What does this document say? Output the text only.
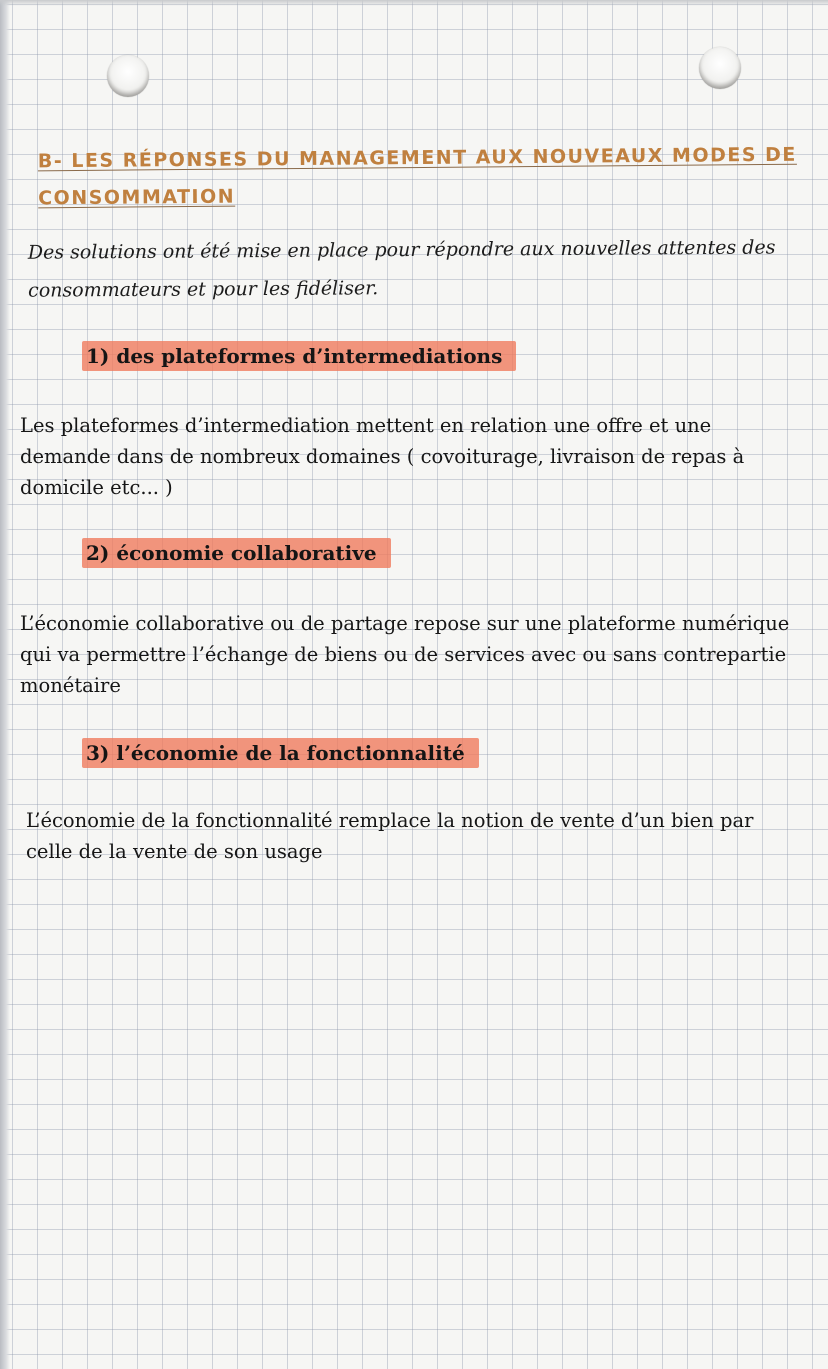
B- LES RÉPONSES DU MANAGEMENT AUX NOUVEAUX MODES DE CONSOMMATION

Des solutions ont été mise en place pour répondre aux nouvelles attentes des consommateurs et pour les fidéliser.

1) des plateformes d’intermediations

Les plateformes d’intermediation mettent en relation une offre et une demande dans de nombreux domaines ( covoiturage, livraison de repas à domicile etc... )

2) économie collaborative

L’économie collaborative ou de partage repose sur une plateforme numérique qui va permettre l’échange de biens ou de services avec ou sans contrepartie monétaire

3) l’économie de la fonctionnalité

L’économie de la fonctionnalité remplace la notion de vente d’un bien par celle de la vente de son usage
